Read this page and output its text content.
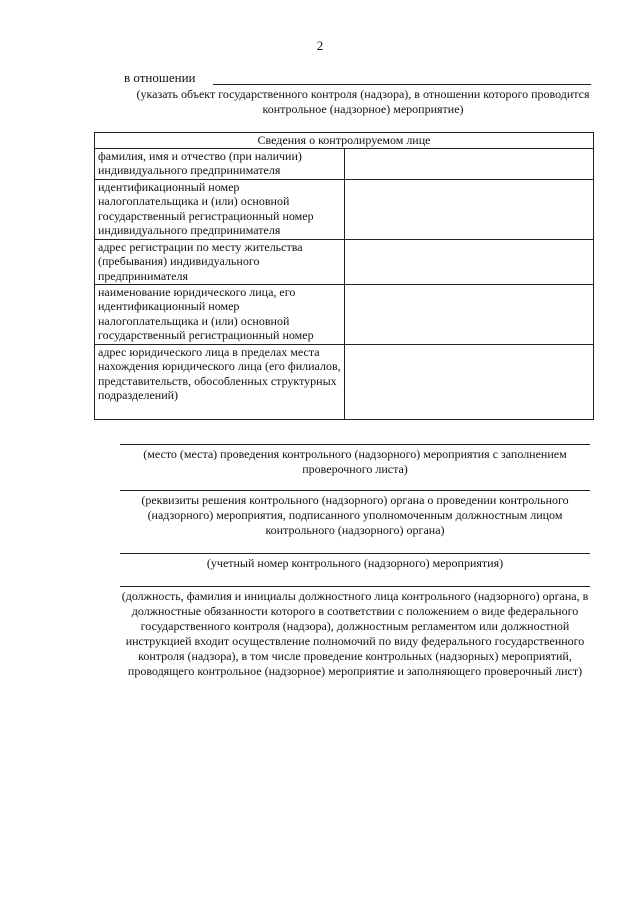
2
в отношении
(указать объект государственного контроля (надзора), в отношении которого проводится контрольное (надзорное) мероприятие)
Сведения о контролируемом лице	
фамилия, имя и отчество (при наличии) индивидуального предпринимателя	
идентификационный номер налогоплательщика и (или) основной государственный регистрационный номер индивидуального предпринимателя	
адрес регистрации по месту жительства (пребывания) индивидуального предпринимателя	
наименование юридического лица, его идентификационный номер налогоплательщика и (или) основной государственный регистрационный номер	
адрес юридического лица в пределах места нахождения юридического лица (его филиалов, представительств, обособленных структурных подразделений)	
(место (места) проведения контрольного (надзорного) мероприятия с заполнением проверочного листа)
(реквизиты решения контрольного (надзорного) органа о проведении контрольного (надзорного) мероприятия, подписанного уполномоченным должностным лицом контрольного (надзорного) органа)
(учетный номер контрольного (надзорного) мероприятия)
(должность, фамилия и инициалы должностного лица контрольного (надзорного) органа, в должностные обязанности которого в соответствии с положением о виде федерального государственного контроля (надзора), должностным регламентом или должностной инструкцией входит осуществление полномочий по виду федерального государственного контроля (надзора), в том числе проведение контрольных (надзорных) мероприятий, проводящего контрольное (надзорное) мероприятие и заполняющего проверочный лист)
